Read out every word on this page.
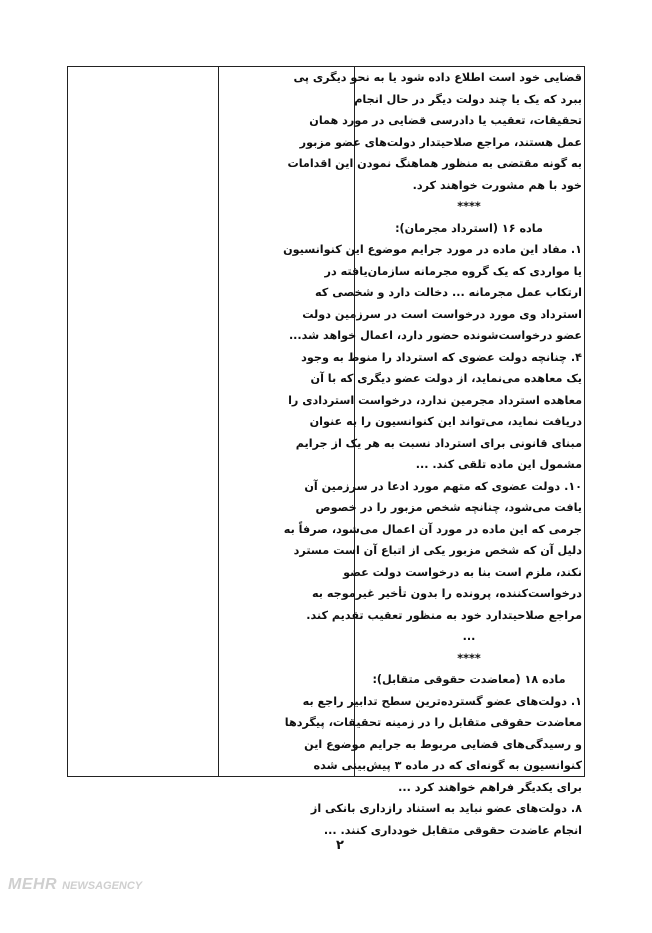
قضایی خود است اطلاع داده شود یا به نحو دیگری پی

ببرد که یک یا چند دولت دیگر در حال انجام

تحقیقات، تعقیب یا دادرسی قضایی در مورد همان

عمل هستند، مراجع صلاحیتدار دولت‌های عضو مزبور

به گونه مقتضی به منظور هماهنگ نمودن این اقدامات

خود با هم مشورت خواهند کرد.

****

ماده ۱۶ (استرداد مجرمان):

۱. مفاد این ماده در مورد جرایم موضوع این کنوانسیون

یا مواردی که یک گروه مجرمانه سازمان‌یافته در

ارتکاب عمل مجرمانه ... دخالت دارد و شخصی که

استرداد وی مورد درخواست است در سرزمین دولت

عضو درخواست‌شونده حضور دارد، اعمال خواهد شد...

۴. چنانچه دولت عضوی که استرداد را منوط به وجود

یک معاهده می‌نماید، از دولت عضو دیگری که با آن

معاهده استرداد مجرمین ندارد، درخواست استردادی را

دریافت نماید، می‌تواند این کنوانسیون را به عنوان

مبنای قانونی برای استرداد نسبت به هر یک از جرایم

مشمول این ماده تلقی کند. ...

۱۰. دولت عضوی که متهم مورد ادعا در سرزمین آن

یافت می‌شود، چنانچه شخص مزبور را در خصوص

جرمی که این ماده در مورد آن اعمال می‌شود، صرفاً به

دلیل آن که شخص مزبور یکی از اتباع آن است مسترد

نکند، ملزم است بنا به درخواست دولت عضو

درخواست‌کننده، پرونده را بدون تأخیر غیرموجه به

مراجع صلاحیتدارد خود به منظور تعقیب تقدیم کند.

...

****

ماده ۱۸ (معاضدت حقوقی متقابل):

۱. دولت‌های عضو گسترده‌ترین سطح تدابیر راجع به

معاضدت حقوقی متقابل را در زمینه تحقیقات، پیگردها

و رسیدگی‌های قضایی مربوط به جرایم موضوع این

کنوانسیون به گونه‌ای که در ماده ۳ پیش‌بینی شده

برای یکدیگر فراهم خواهند کرد ...

۸. دولت‌های عضو نباید به استناد رازداری بانکی از

انجام عاضدت حقوقی متقابل خودداری کنند. ...

۲
MEHR NEWSAGENCY
